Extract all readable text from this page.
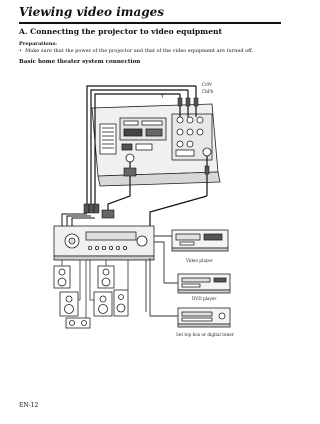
Viewing video images
A. Connecting the projector to video equipment
Preparations:
•  Make sure that the power of the projector and that of the video equipment are turned off.
Basic home theater system connection
Y
CbPb
CrPr
Video player
DVD player
Set top box or digital tuner
EN-12
